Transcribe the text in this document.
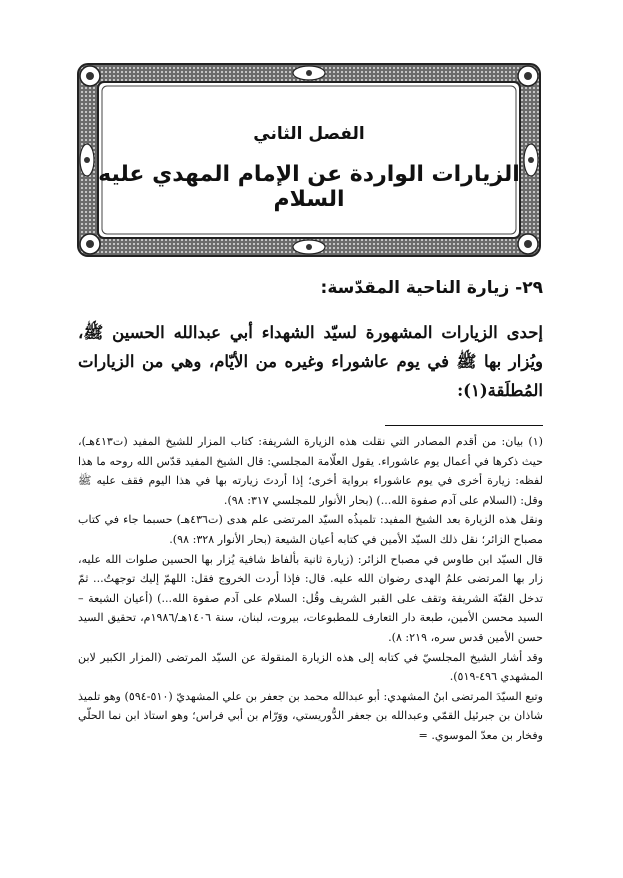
الفصل الثاني
الزيارات الواردة عن الإمام المهدي عليه السلام
٢٩- زيارة الناحية المقدّسة:
إحدى الزيارات المشهورة لسيّد الشهداء أبي عبدالله الحسين ﷺ، ويُزار بها ﷺ في يوم عاشوراء وغيره من الأيّام، وهي من الزيارات المُطلَقة(١):

(١) بيان: من أقدم المصادر التي نقلت هذه الزيارة الشريفة: كتاب المزار للشيخ المفيد (ت٤١٣هـ)، حيث ذكرها في أعمال يوم عاشوراء. يقول العلّامة المجلسي: قال الشيخ المفيد قدّس الله روحه ما هذا لفظه: زيارة أخرى في يوم عاشوراء برواية أخرى؛ إذا أردتَ زيارته بها في هذا اليوم فقف عليه ﷺ وقل: (السلام على آدم صفوة الله...) (بحار الأنوار للمجلسي ٣١٧: ٩٨).

ونقل هذه الزيارة بعد الشيخ المفيد: تلميذُه السيّد المرتضى علم هدى (ت٤٣٦هـ) حسبما جاء في كتاب مصباح الزائر؛ نقل ذلك السيّد الأمين في كتابه أعيان الشيعة (بحار الأنوار ٣٢٨: ٩٨).

قال السيّد ابن طاوس في مصباح الزائر: (زيارة ثانية بألفاظ شافية يُزار بها الحسين صلوات الله عليه، زار بها المرتضى علمُ الهدى رضوان الله عليه. قال: فإذا أردت الخروج فقل: اللهمّ إليك توجهتُ... ثمّ تدخل القبّة الشريفة وتقف على القبر الشريف وقُل: السلام على آدم صفوة الله...) (أعيان الشيعة – السيد محسن الأمين، طبعة دار التعارف للمطبوعات، بيروت، لبنان، سنة ١٤٠٦هـ/١٩٨٦م، تحقيق السيد حسن الأمين قدس سره، ٢١٩: ٨).

وقد أشار الشيخ المجلسيّ في كتابه إلى هذه الزيارة المنقولة عن السيّد المرتضى (المزار الكبير لابن المشهدي ٤٩٦-٥١٩).

وتبع السيّدَ المرتضى ابنُ المشهدي: أبو عبدالله محمد بن جعفر بن علي المشهديّ (٥١٠-٥٩٤) وهو تلميذ شاذان بن جبرئيل القمّي وعبدالله بن جعفر الدُّوريستي، ووَرّام بن أبي فراس؛ وهو استاذ ابن نما الحلّي وفخار بن معدّ الموسوي. =
